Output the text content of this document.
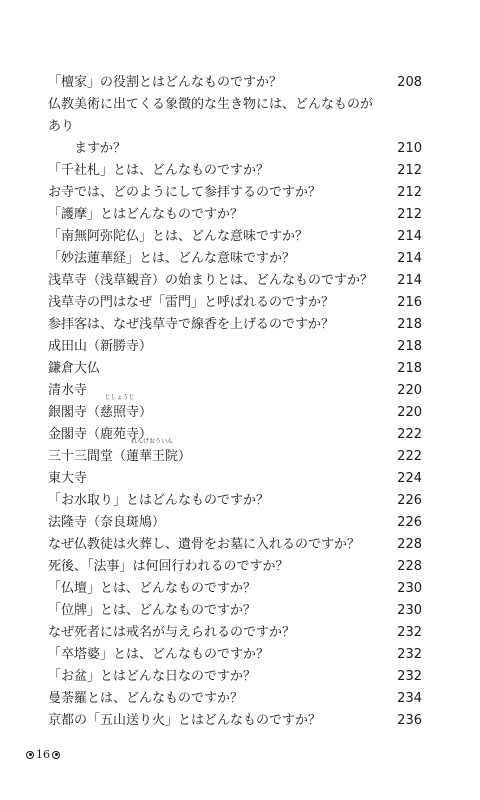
「檀家」の役割とはどんなものですか？	208
仏教美術に出てくる象徴的な生き物には、どんなものがあり
ますか？	210
「千社札」とは、どんなものですか？	212
お寺では、どのようにして参拝するのですか？	212
「護摩」とはどんなものですか？	212
「南無阿弥陀仏」とは、どんな意味ですか？	214
「妙法蓮華経」とは、どんな意味ですか？	214
浅草寺（浅草観音）の始まりとは、どんなものですか？	214
浅草寺の門はなぜ「雷門」と呼ばれるのですか？	216
参拝客は、なぜ浅草寺で線香を上げるのですか？	218
成田山（新勝寺）	218
鎌倉大仏	218
清水寺	220
銀閣寺（
じしょうじ
慈照寺）	220
金閣寺（鹿苑寺）	222
三十三間堂（
れんげおういん
蓮華王院）	222
東大寺	224
「お水取り」とはどんなものですか？	226
法隆寺（奈良斑鳩）	226
なぜ仏教徒は火葬し、遺骨をお墓に入れるのですか？	228
死後、「法事」は何回行われるのですか？	228
「仏壇」とは、どんなものですか？	230
「位牌」とは、どんなものですか？	230
なぜ死者には戒名が与えられるのですか？	232
「卒塔婆」とは、どんなものですか？	232
「お盆」とはどんな日なのですか？	232
曼荼羅とは、どんなものですか？	234
京都の「五山送り火」とはどんなものですか？	236
16
